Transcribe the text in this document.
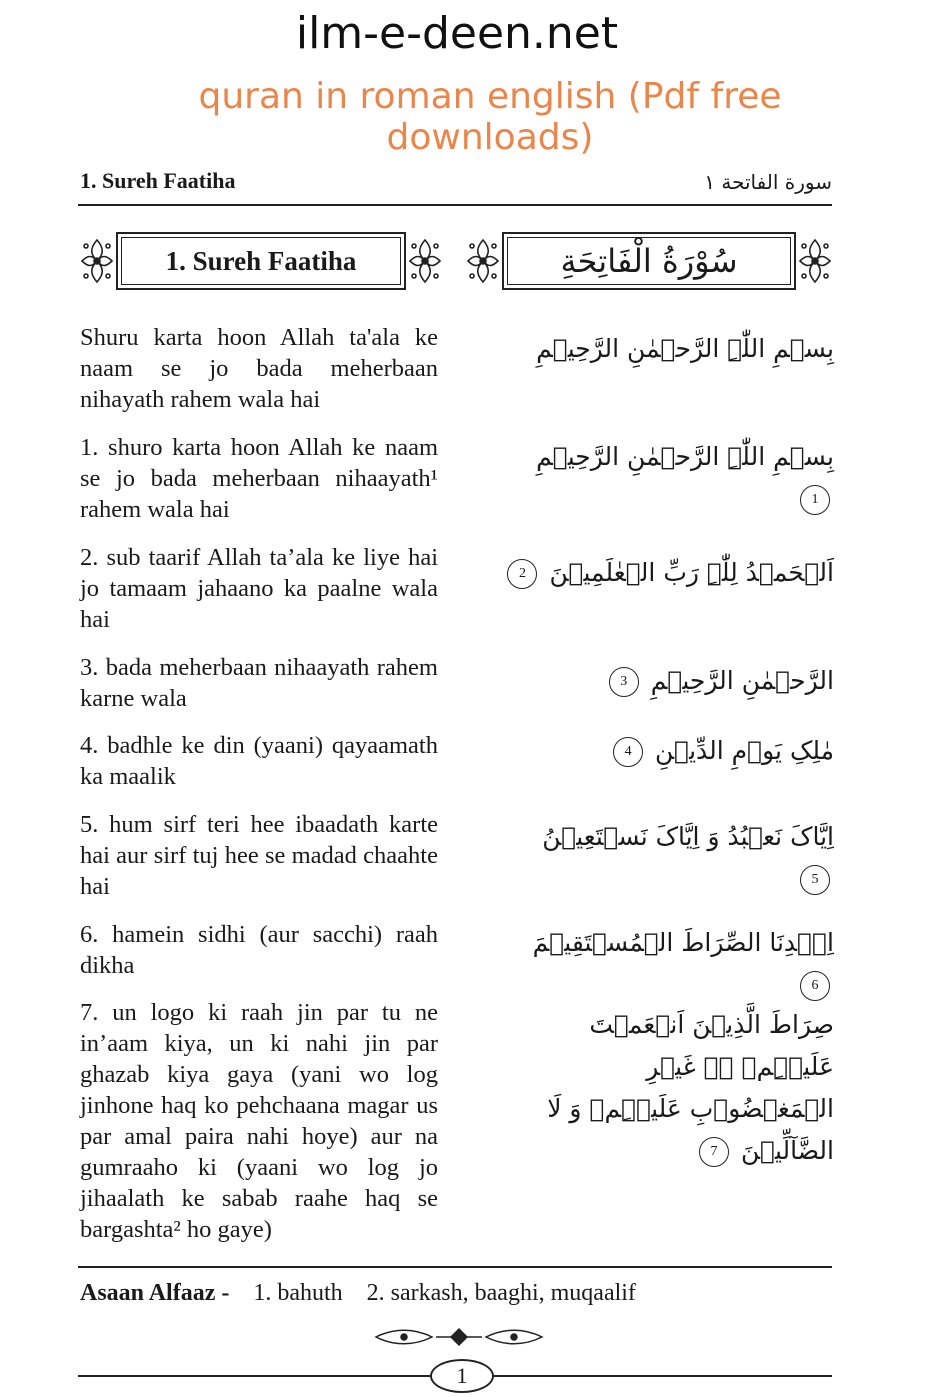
ilm-e-deen.net
quran in roman english (Pdf free downloads)
1. Sureh Faatiha	سورة الفاتحة ١
1. Sureh Faatiha	سُوْرَةُ الْفَاتِحَةِ
Shuru karta hoon Allah ta'ala ke naam se jo bada meherbaan nihayath rahem wala hai
بِسۡمِ اللّٰہِ الرَّحۡمٰنِ الرَّحِیۡمِ
1. shuro karta hoon Allah ke naam se jo bada meherbaan nihaayath¹ rahem wala hai
بِسۡمِ اللّٰہِ الرَّحۡمٰنِ الرَّحِیۡمِ 1
2. sub taarif Allah ta’ala ke liye hai jo tamaam jahaano ka paalne wala hai
اَلۡحَمۡدُ لِلّٰہِ رَبِّ الۡعٰلَمِیۡنَ 2
3. bada meherbaan nihaayath rahem karne wala
الرَّحۡمٰنِ الرَّحِیۡمِ 3
4. badhle ke din (yaani) qayaamath ka maalik
مٰلِکِ یَوۡمِ الدِّیۡنِ 4
5. hum sirf teri hee ibaadath karte hai aur sirf tuj hee se madad chaahte hai
اِیَّاکَ نَعۡبُدُ وَ اِیَّاکَ نَسۡتَعِیۡنُ 5
6. hamein sidhi (aur sacchi) raah dikha
اِہۡدِنَا الصِّرَاطَ الۡمُسۡتَقِیۡمَ 6
7. un logo ki raah jin par tu ne in’aam kiya, un ki nahi jin par ghazab kiya gaya (yani wo log jinhone haq ko pehchaana magar us par amal paira nahi hoye) aur na gumraaho ki (yaani wo log jo jihaalath ke sabab raahe haq se bargashta² ho gaye)
صِرَاطَ الَّذِیۡنَ اَنۡعَمۡتَ عَلَیۡہِمۡ ۬ۙ غَیۡرِ الۡمَغۡضُوۡبِ عَلَیۡہِمۡ وَ لَا الضَّآلِّیۡنَ 7
Asaan Alfaaz - 1. bahuth 2. sarkash, baaghi, muqaalif
1
